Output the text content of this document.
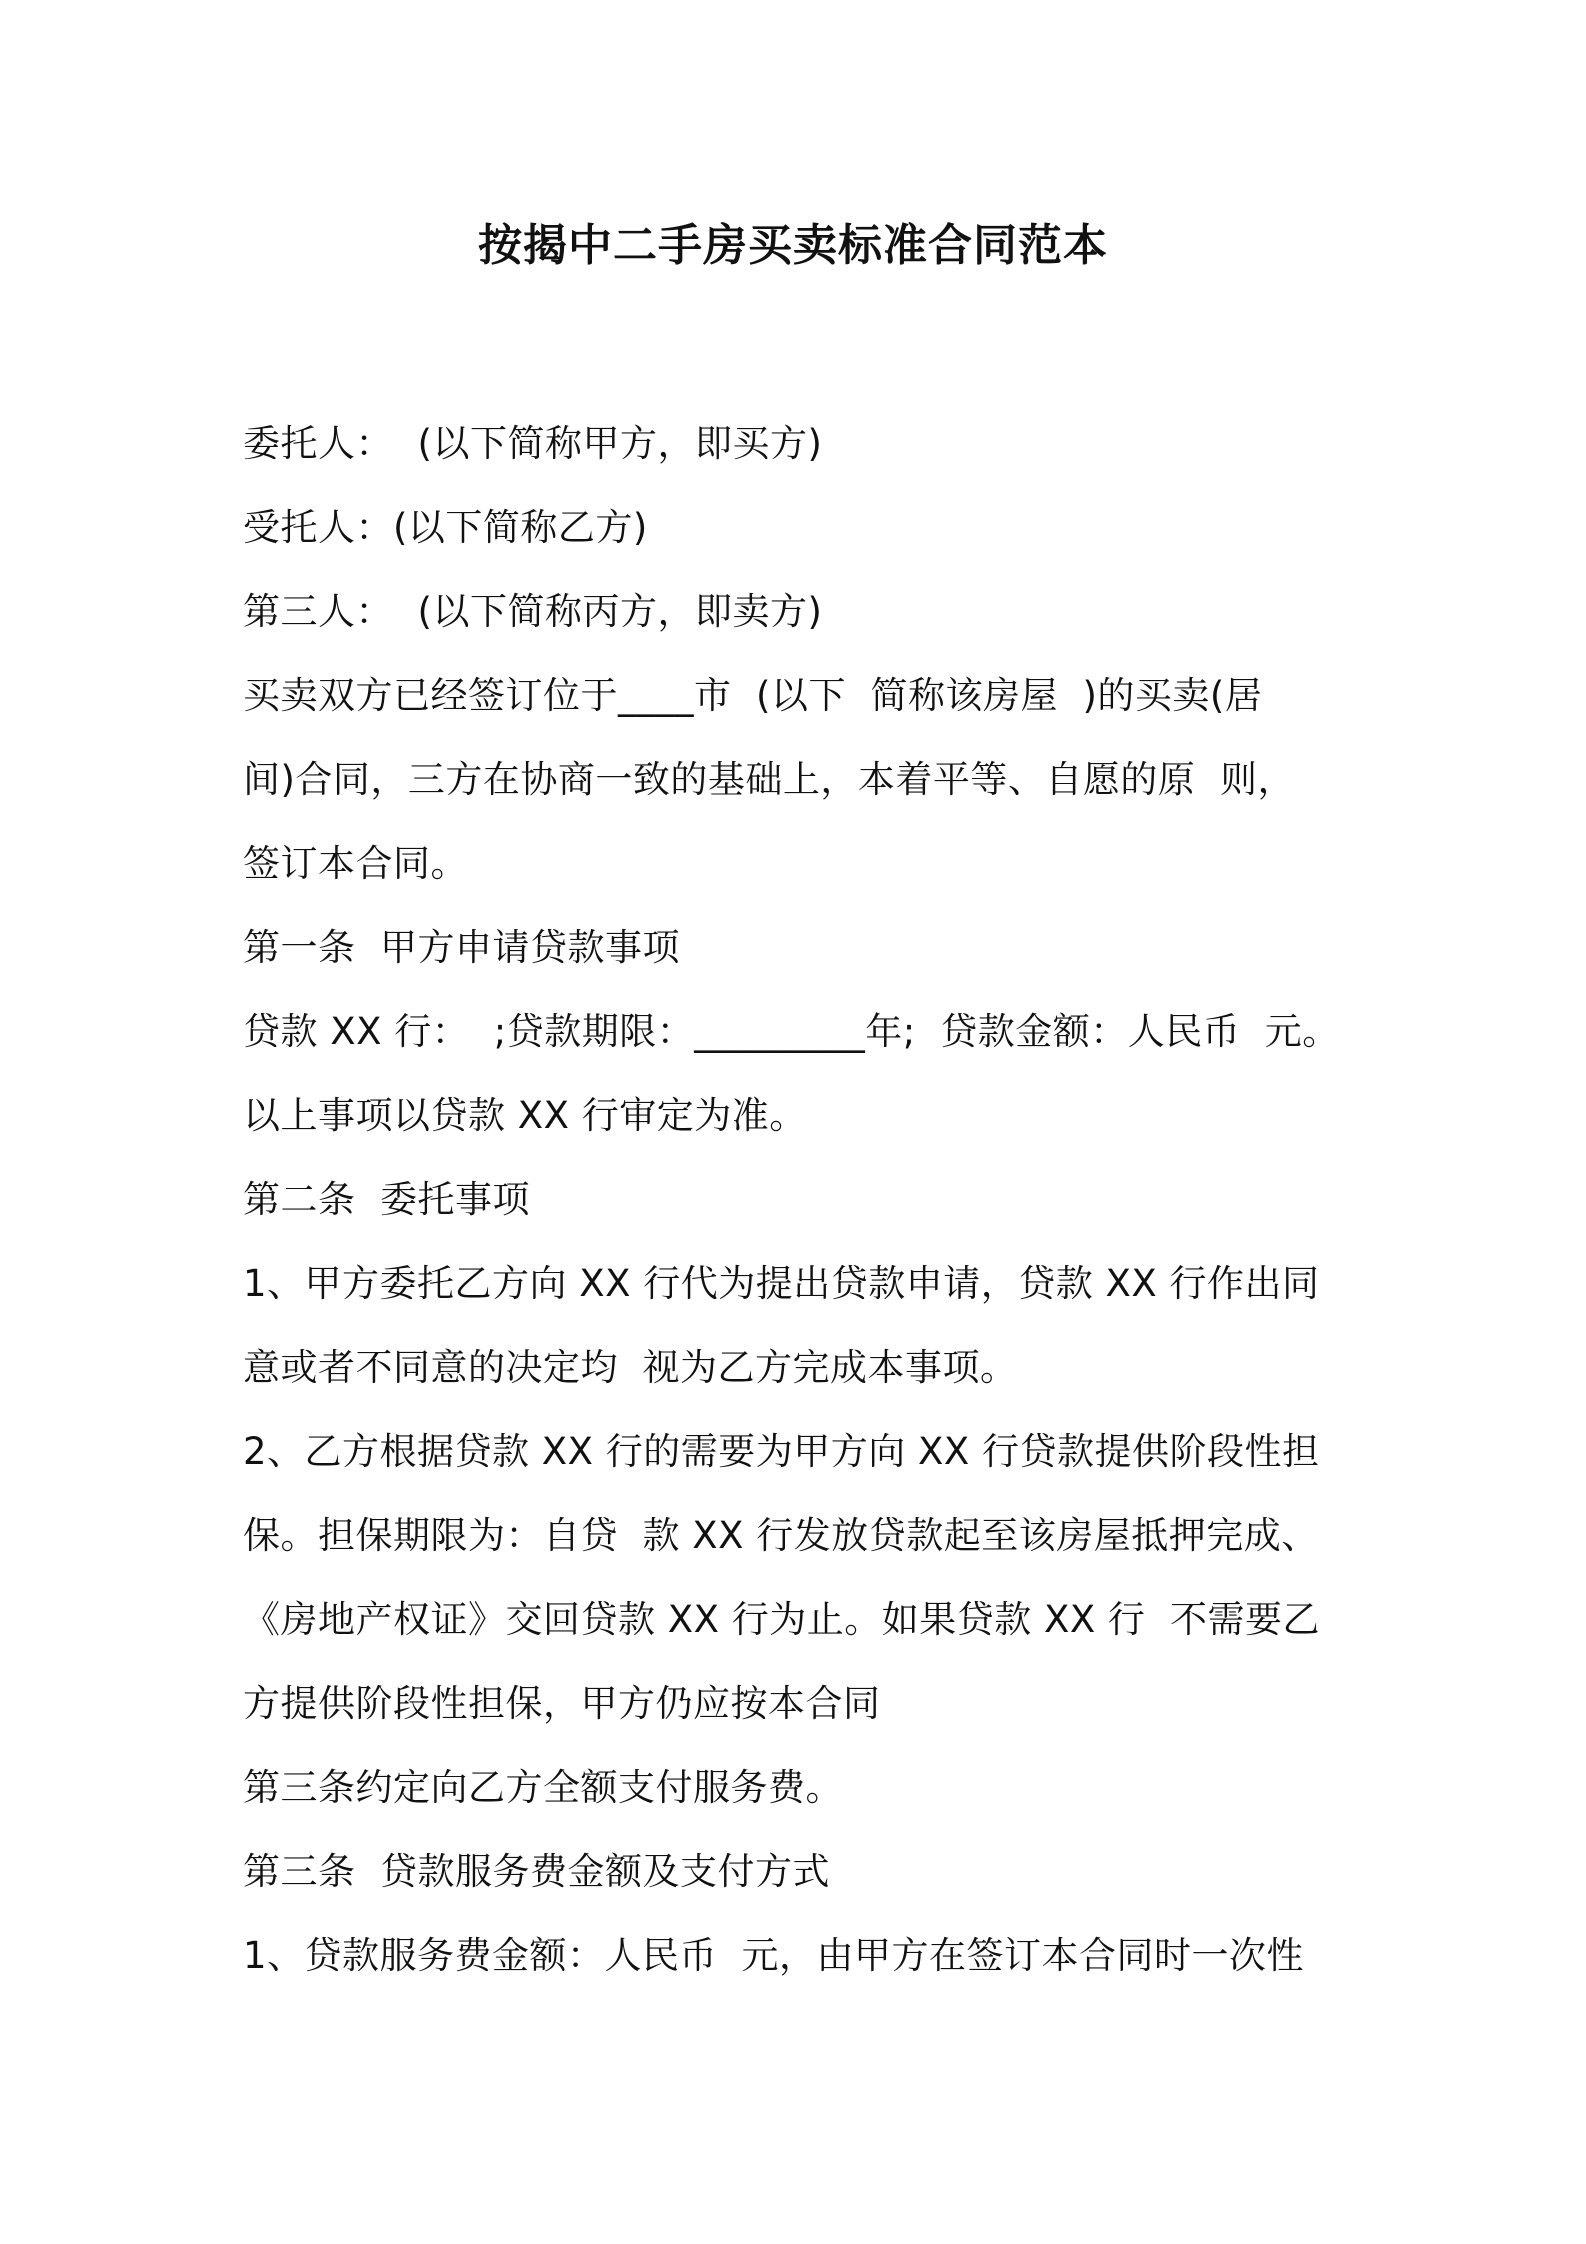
按揭中二手房买卖标准合同范本
委托人：  (以下简称甲方，即买方)
受托人：(以下简称乙方)
第三人：  (以下简称丙方，即卖方)
买卖双方已经签订位于____市  (以下  简称该房屋  )的买卖(居
间)合同，三方在协商一致的基础上，本着平等、自愿的原  则，
签订本合同。
第一条  甲方申请贷款事项
贷款 XX 行：  ;贷款期限：_________年;  贷款金额：人民币  元。
以上事项以贷款 XX 行审定为准。
第二条  委托事项
1、甲方委托乙方向 XX 行代为提出贷款申请，贷款 XX 行作出同
意或者不同意的决定均  视为乙方完成本事项。
2、乙方根据贷款 XX 行的需要为甲方向 XX 行贷款提供阶段性担
保。担保期限为：自贷  款 XX 行发放贷款起至该房屋抵押完成、
《房地产权证》交回贷款 XX 行为止。如果贷款 XX 行  不需要乙
方提供阶段性担保，甲方仍应按本合同
第三条约定向乙方全额支付服务费。
第三条  贷款服务费金额及支付方式
1、贷款服务费金额：人民币  元，由甲方在签订本合同时一次性
